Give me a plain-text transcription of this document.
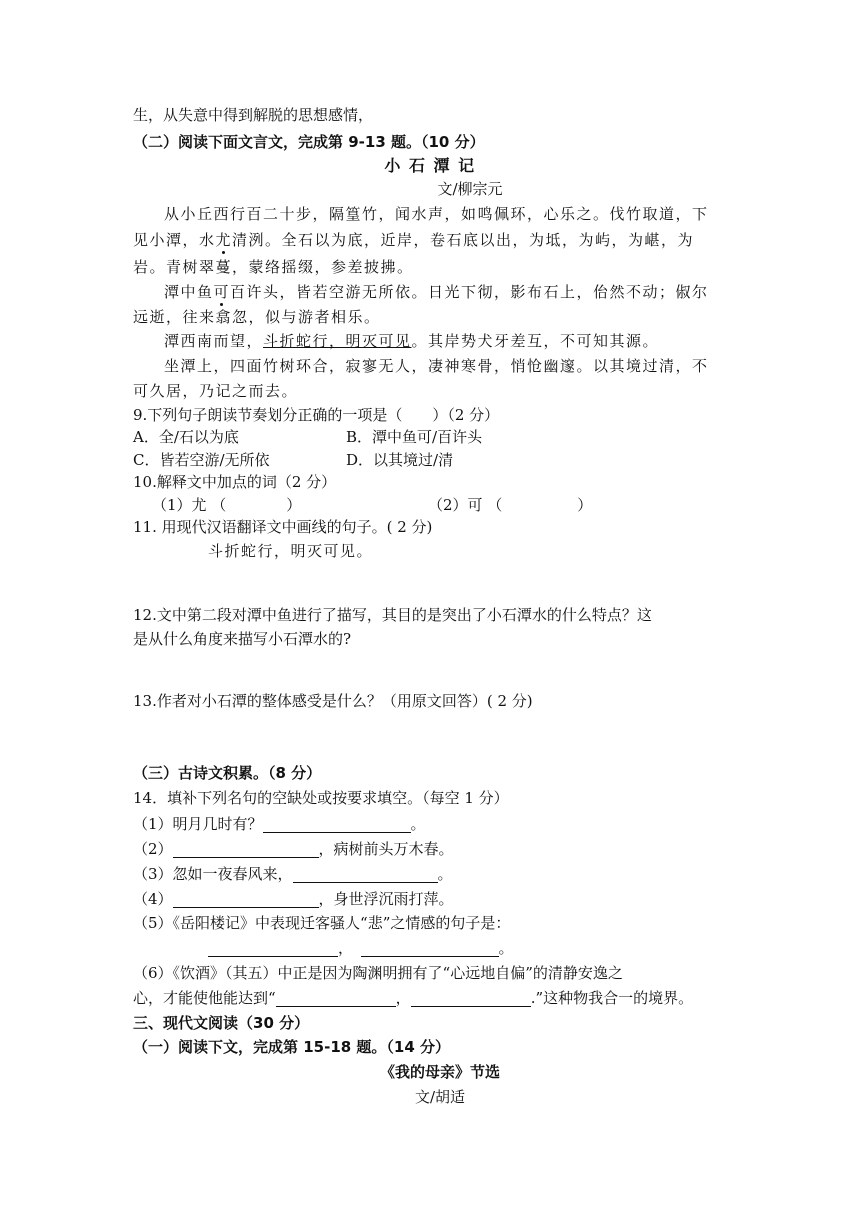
生，从失意中得到解脱的思想感情，
（二）阅读下面文言文，完成第 9-13 题。（10 分）
小 石 潭 记
文/柳宗元
从小丘西行百二十步，隔篁竹，闻水声，如鸣佩环，心乐之。伐竹取道，下
见小潭，水尤清洌。全石以为底，近岸，卷石底以出，为坻，为屿，为嵁，为
岩。青树翠蔓，蒙络摇缀，参差披拂。
潭中鱼可百许头，皆若空游无所依。日光下彻，影布石上，佁然不动；俶尔
远逝，往来翕忽，似与游者相乐。
潭西南而望，斗折蛇行，明灭可见。其岸势犬牙差互，不可知其源。
坐潭上，四面竹树环合，寂寥无人，凄神寒骨，悄怆幽邃。以其境过清，不
可久居，乃记之而去。
9.下列句子朗读节奏划分正确的一项是（　　）（2 分）
A．全/石以为底	B．潭中鱼可/百许头
C．皆若空游/无所依	D．以其境过/清
10.解释文中加点的词（2 分）
（1）尤 （　　　　）	（2）可 （　　　　　）
11. 用现代汉语翻译文中画线的句子。( 2 分)
斗折蛇行，明灭可见。
12.文中第二段对潭中鱼进行了描写，其目的是突出了小石潭水的什么特点？这
是从什么角度来描写小石潭水的?
13.作者对小石潭的整体感受是什么？（用原文回答）( 2 分)
（三）古诗文积累。（8 分）
14．填补下列名句的空缺处或按要求填空。（每空 1 分）
（1）明月几时有？	。
（2）	，病树前头万木春。
（3）忽如一夜春风来，	。
（4）	，身世浮沉雨打萍。
（5）《岳阳楼记》中表现迁客骚人“悲”之情感的句子是：
，　	。
（6）《饮酒》（其五）中正是因为陶渊明拥有了“心远地自偏”的清静安逸之
心，才能使他能达到“	，	.”这种物我合一的境界。
三、现代文阅读（30 分）
（一）阅读下文，完成第 15-18 题。（14 分）
《我的母亲》节选
文/胡适
